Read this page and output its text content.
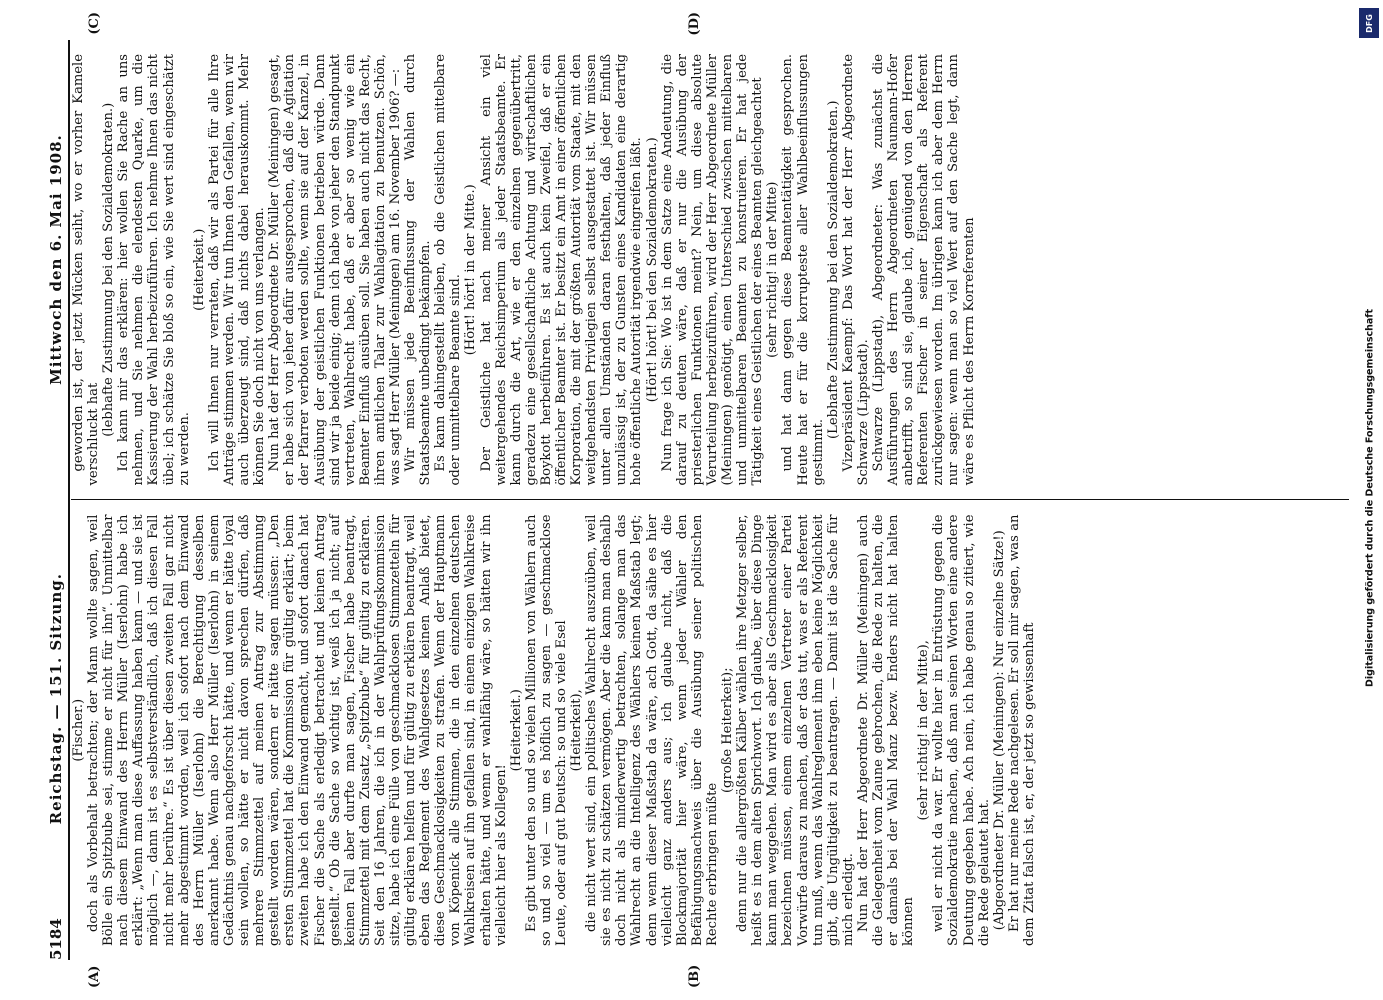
5184
Reichstag. — 151. Sitzung.
Mittwoch den 6. Mai 1908.
(A)	(B)
(C)	(D)

(Fischer.) doch als Vorbehalt betrachten; der Mann wollte sagen, weil Bölle ein Spitzbube sei, stimme er nicht für ihn“. Unmittelbar nach diesem Einwand des Herrn Müller (Iserlohn) habe ich erklärt: „Wenn man diese Auffassung haben kann — und sie ist möglich —, dann ist es selbstverständlich, daß ich diesen Fall nicht mehr berühre.“ Es ist über diesen zweiten Fall gar nicht mehr abgestimmt worden, weil ich sofort nach dem Einwand des Herrn Müller (Iserlohn) die Berechtigung desselben anerkannt habe. Wenn also Herr Müller (Iserlohn) in seinem Gedächtnis genau nachgeforscht hätte, und wenn er hätte loyal sein wollen, so hätte er nicht davon sprechen dürfen, daß mehrere Stimmzettel auf meinen Antrag zur Abstimmung gestellt worden wären, sondern er hätte sagen müssen: „Den ersten Stimmzettel hat die Kommission für gültig erklärt; beim zweiten habe ich den Einwand gemacht, und sofort danach hat Fischer die Sache als erledigt betrachtet und keinen Antrag gestellt.“ Ob die Sache so wichtig ist, weiß ich ja nicht; auf keinen Fall aber durfte man sagen, Fischer habe beantragt, Stimmzettel mit dem Zusatz „Spitzbube“ für gültig zu erklären. Seit den 16 Jahren, die ich in der Wahlprüfungskommission sitze, habe ich eine Fülle von geschmacklosen Stimmzetteln für gültig erklären helfen und für gültig zu erklären beantragt, weil eben das Reglement des Wahlgesetzes keinen Anlaß bietet, diese Geschmacklosigkeiten zu strafen. Wenn der Hauptmann von Köpenick alle Stimmen, die in den einzelnen deutschen Wahlkreisen auf ihn gefallen sind, in einem einzigen Wahlkreise erhalten hätte, und wenn er wahlfähig wäre, so hätten wir ihn vielleicht hier als Kollegen!

(Heiterkeit.) Es gibt unter den so und so vielen Millionen von Wählern auch so und so viel — um es höflich zu sagen — geschmacklose Leute, oder auf gut Deutsch: so und so viele Esel (Heiterkeit), die nicht wert sind, ein politisches Wahlrecht auszuüben, weil sie es nicht zu schätzen vermögen. Aber die kann man deshalb doch nicht als minderwertig betrachten, solange man das Wahlrecht an die Intelligenz des Wählers keinen Maßstab legt; denn wenn dieser Maßstab da wäre, ach Gott, da sähe es hier vielleicht ganz anders aus; ich glaube nicht, daß die Blockmajorität hier wäre, wenn jeder Wähler den Befähigungsnachweis über die Ausübung seiner politischen Rechte erbringen müßte

(große Heiterkeit); denn nur die allergrößten Kälber wählen ihre Metzger selber, heißt es in dem alten Sprichwort. Ich glaube, über diese Dinge kann man weggehen. Man wird es aber als Geschmacklosigkeit bezeichnen müssen, einem einzelnen Vertreter einer Partei Vorwürfe daraus zu machen, daß er das tut, was er als Referent tun muß, wenn das Wahlreglement ihm eben keine Möglichkeit gibt, die Ungültigkeit zu beantragen. — Damit ist die Sache für mich erledigt. Nun hat der Herr Abgeordnete Dr. Müller (Meiningen) auch die Gelegenheit vom Zaune gebrochen, die Rede zu halten, die er damals bei der Wahl Manz bezw. Enders nicht hat halten können

(sehr richtig! in der Mitte), weil er nicht da war. Er wollte hier in Entrüstung gegen die Sozialdemokratie machen, daß man seinen Worten eine andere Deutung gegeben habe. Ach nein, ich habe genau so zitiert, wie die Rede gelautet hat. (Abgeordneter Dr. Müller (Meiningen): Nur einzelne Sätze!) Er hat nur meine Rede nachgelesen. Er soll mir sagen, was an dem Zitat falsch ist, er, der jetzt so gewissenhaft

geworden ist, der jetzt Mücken seiht, wo er vorher Kamele verschluckt hat (lebhafte Zustimmung bei den Sozialdemokraten.) Ich kann mir das erklären: hier wollen Sie Rache an uns nehmen, und Sie nehmen die elendesten Quarke, um die Kassierung der Wahl herbeizuführen. Ich nehme Ihnen das nicht übel; ich schätze Sie bloß so ein, wie Sie wert sind eingeschätzt zu werden.

(Heiterkeit.) Ich will Ihnen nur verraten, daß wir als Partei für alle Ihre Anträge stimmen werden. Wir tun Ihnen den Gefallen, wenn wir auch überzeugt sind, daß nichts dabei herauskommt. Mehr können Sie doch nicht von uns verlangen. Nun hat der Herr Abgeordnete Dr. Müller (Meiningen) gesagt, er habe sich von jeher dafür ausgesprochen, daß die Agitation der Pfarrer verboten werden sollte, wenn sie auf der Kanzel, in Ausübung der geistlichen Funktionen betrieben würde. Dann sind wir ja beide einig; denn ich habe von jeher den Standpunkt vertreten, Wahlrecht habe, daß er aber so wenig wie ein Beamter Einfluß ausüben soll. Sie haben auch nicht das Recht, ihren amtlichen Talar zur Wahlagitation zu benutzen. Schön, was sagt Herr Müller (Meiningen) am 16. November 1906? —: Wir müssen jede Beeinflussung der Wahlen durch Staatsbeamte unbedingt bekämpfen. Es kann dahingestellt bleiben, ob die Geistlichen mittelbare oder unmittelbare Beamte sind.

(Hört! hört! in der Mitte.) Der Geistliche hat nach meiner Ansicht ein viel weitergehendes Reichsimperium als jeder Staatsbeamte. Er kann durch die Art, wie er den einzelnen gegenübertritt, geradezu eine gesellschaftliche Achtung und wirtschaftlichen Boykott herbeiführen. Es ist auch kein Zweifel, daß er ein öffentlicher Beamter ist. Er besitzt ein Amt in einer öffentlichen Korporation, die mit der größten Autorität vom Staate, mit den weitgehendsten Privilegien selbst ausgestattet ist. Wir müssen unter allen Umständen daran festhalten, daß jeder Einfluß unzulässig ist, der zu Gunsten eines Kandidaten eine derartig hohe öffentliche Autorität irgendwie eingreifen läßt. (Hört! hört! bei den Sozialdemokraten.) Nun frage ich Sie: Wo ist in dem Satze eine Andeutung, die darauf zu deuten wäre, daß er nur die Ausübung der priesterlichen Funktionen meint? Nein, um diese absolute Verurteilung herbeizuführen, wird der Herr Abgeordnete Müller (Meiningen) genötigt, einen Unterschied zwischen mittelbaren und unmittelbaren Beamten zu konstruieren. Er hat jede Tätigkeit eines Geistlichen der eines Beamten gleichgeachtet (sehr richtig! in der Mitte) und hat dann gegen diese Beamtentätigkeit gesprochen. Heute hat er für die korrupteste aller Wahlbeeinflussungen gestimmt.

(Lebhafte Zustimmung bei den Sozialdemokraten.) Vizepräsident Kaempf: Das Wort hat der Herr Abgeordnete Schwarze (Lippstadt). Schwarze (Lippstadt), Abgeordneter: Was zunächst die Ausführungen des Herrn Abgeordneten Naumann-Hofer anbetrifft, so sind sie, glaube ich, genügend von den Herren Referenten Fischer in seiner Eigenschaft als Referent zurückgewiesen worden. Im übrigen kann ich aber dem Herrn nur sagen: wenn man so viel Wert auf den Sache legt, dann wäre es Pflicht des Herrn Korreferenten

DFG
Digitalisierung gefördert durch die Deutsche Forschungsgemeinschaft
